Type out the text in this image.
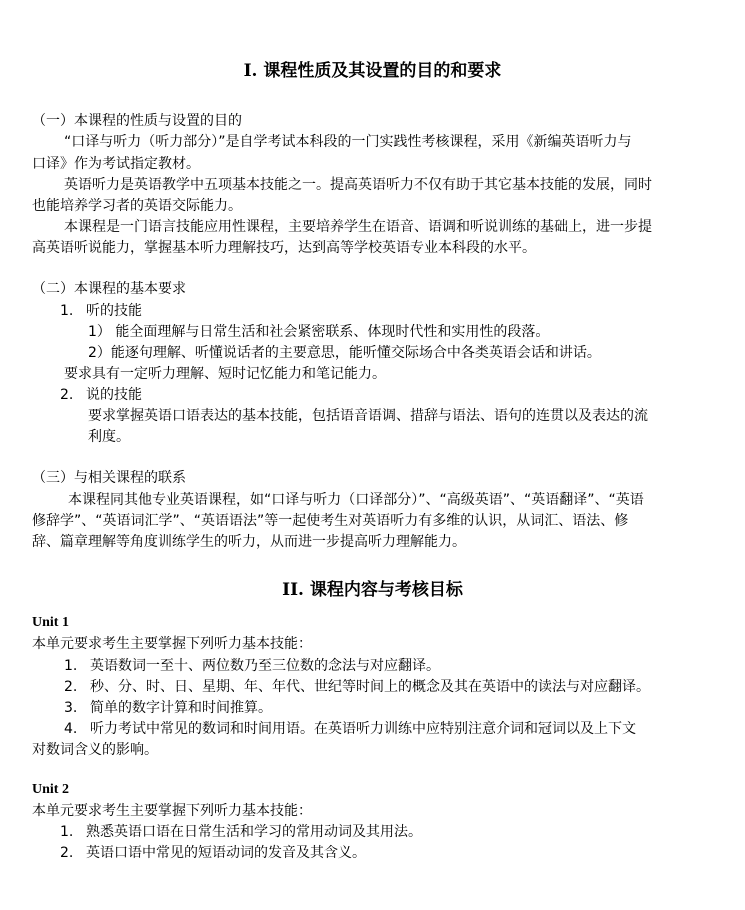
I. 课程性质及其设置的目的和要求
（一）本课程的性质与设置的目的
“口译与听力（听力部分）”是自学考试本科段的一门实践性考核课程，采用《新编英语听力与
口译》作为考试指定教材。
英语听力是英语教学中五项基本技能之一。提高英语听力不仅有助于其它基本技能的发展，同时
也能培养学习者的英语交际能力。
本课程是一门语言技能应用性课程，主要培养学生在语音、语调和听说训练的基础上，进一步提
高英语听说能力，掌握基本听力理解技巧，达到高等学校英语专业本科段的水平。
（二）本课程的基本要求
1. 听的技能
1） 能全面理解与日常生活和社会紧密联系、体现时代性和实用性的段落。
2）能逐句理解、听懂说话者的主要意思，能听懂交际场合中各类英语会话和讲话。
要求具有一定听力理解、短时记忆能力和笔记能力。
2. 说的技能
要求掌握英语口语表达的基本技能，包括语音语调、措辞与语法、语句的连贯以及表达的流
利度。
（三）与相关课程的联系
本课程同其他专业英语课程，如“口译与听力（口译部分）”、“高级英语”、“英语翻译”、“英语
修辞学”、“英语词汇学”、“英语语法”等一起使考生对英语听力有多维的认识，从词汇、语法、修
辞、篇章理解等角度训练学生的听力，从而进一步提高听力理解能力。
II. 课程内容与考核目标
Unit 1
本单元要求考生主要掌握下列听力基本技能：
1. 英语数词一至十、两位数乃至三位数的念法与对应翻译。
2. 秒、分、时、日、星期、年、年代、世纪等时间上的概念及其在英语中的读法与对应翻译。
3. 简单的数字计算和时间推算。
4. 听力考试中常见的数词和时间用语。在英语听力训练中应特别注意介词和冠词以及上下文
对数词含义的影响。
Unit 2
本单元要求考生主要掌握下列听力基本技能：
1. 熟悉英语口语在日常生活和学习的常用动词及其用法。
2. 英语口语中常见的短语动词的发音及其含义。
